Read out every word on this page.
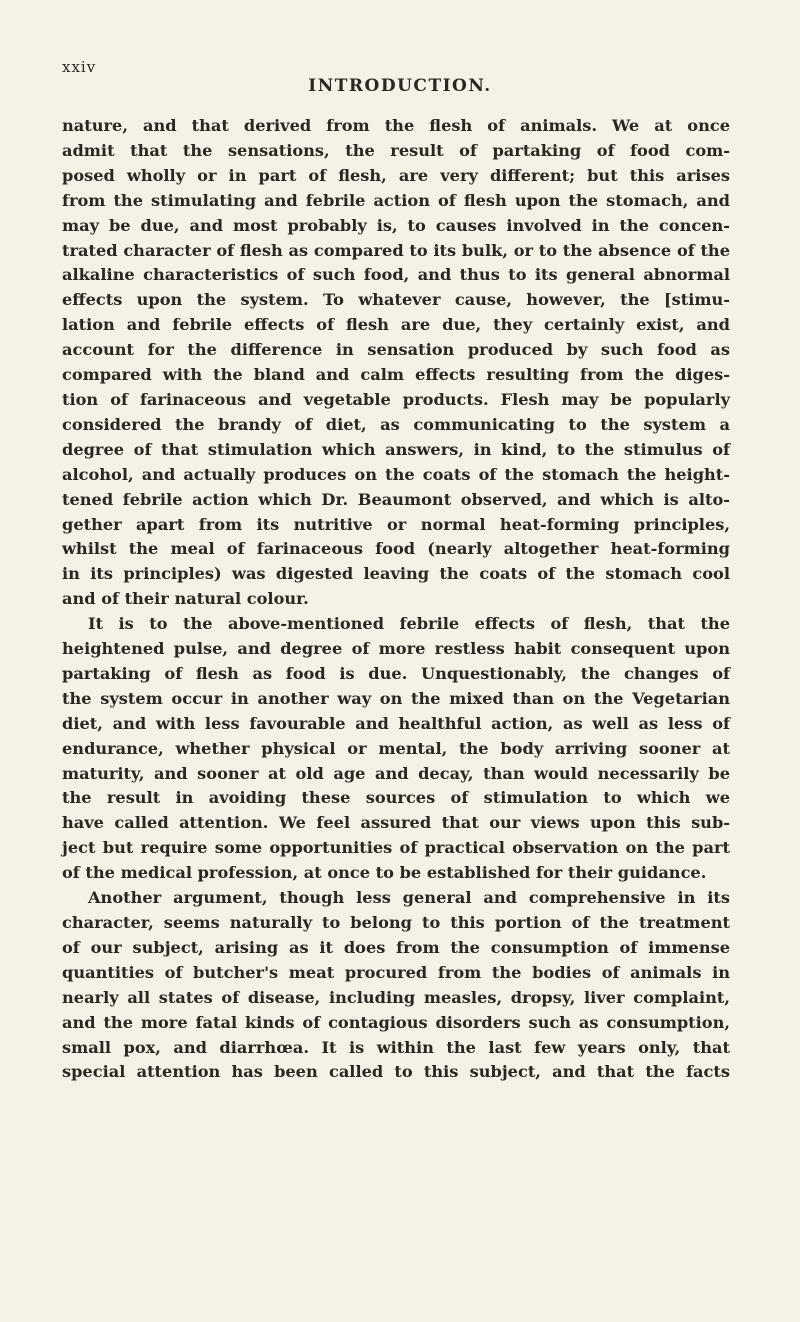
xxiv
INTRODUCTION.
nature, and that derived from the flesh of animals. We at once
admit that the sensations, the result of partaking of food com-
posed wholly or in part of flesh, are very different; but this arises
from the stimulating and febrile action of flesh upon the stomach, and
may be due, and most probably is, to causes involved in the concen-
trated character of flesh as compared to its bulk, or to the absence of the
alkaline characteristics of such food, and thus to its general abnormal
effects upon the system. To whatever cause, however, the [stimu-
lation and febrile effects of flesh are due, they certainly exist, and
account for the difference in sensation produced by such food as
compared with the bland and calm effects resulting from the diges-
tion of farinaceous and vegetable products. Flesh may be popularly
considered the brandy of diet, as communicating to the system a
degree of that stimulation which answers, in kind, to the stimulus of
alcohol, and actually produces on the coats of the stomach the height-
tened febrile action which Dr. Beaumont observed, and which is alto-
gether apart from its nutritive or normal heat-forming principles,
whilst the meal of farinaceous food (nearly altogether heat-forming
in its principles) was digested leaving the coats of the stomach cool
and of their natural colour.
It is to the above-mentioned febrile effects of flesh, that the
heightened pulse, and degree of more restless habit consequent upon
partaking of flesh as food is due. Unquestionably, the changes of
the system occur in another way on the mixed than on the Vegetarian
diet, and with less favourable and healthful action, as well as less of
endurance, whether physical or mental, the body arriving sooner at
maturity, and sooner at old age and decay, than would necessarily be
the result in avoiding these sources of stimulation to which we
have called attention. We feel assured that our views upon this sub-
ject but require some opportunities of practical observation on the part
of the medical profession, at once to be established for their guidance.
Another argument, though less general and comprehensive in its
character, seems naturally to belong to this portion of the treatment
of our subject, arising as it does from the consumption of immense
quantities of butcher's meat procured from the bodies of animals in
nearly all states of disease, including measles, dropsy, liver complaint,
and the more fatal kinds of contagious disorders such as consumption,
small pox, and diarrhœa. It is within the last few years only, that
special attention has been called to this subject, and that the facts
